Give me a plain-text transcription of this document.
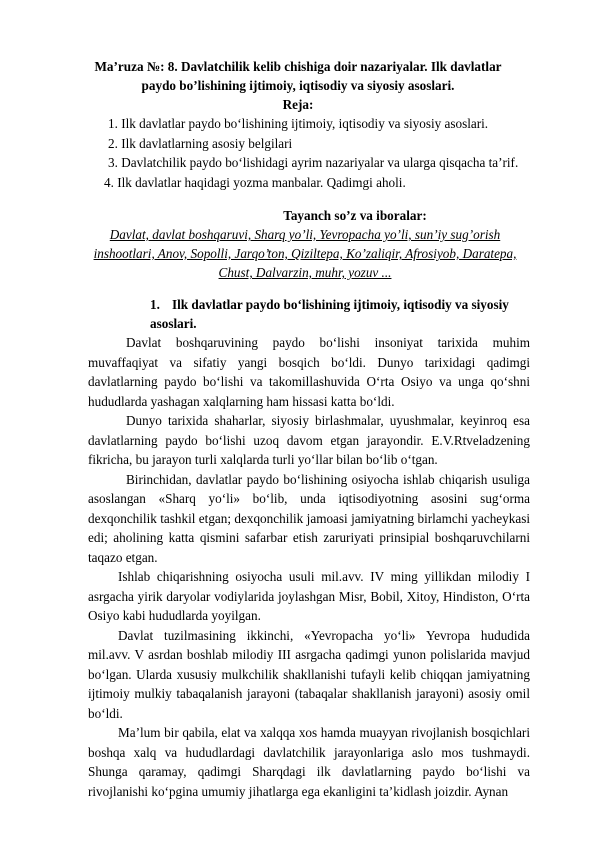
Ma’ruza №: 8. Davlatchilik kelib chishiga doir nazariyalar. Ilk davlatlar paydo bo’lishining ijtimoiy, iqtisodiy va siyosiy asoslari.
Reja:
1. Ilk davlatlar paydo bo‘lishining ijtimoiy, iqtisodiy va siyosiy asoslari.
2. Ilk davlatlarning asosiy belgilari
3. Davlatchilik paydo bo‘lishidagi ayrim nazariyalar va ularga qisqacha ta’rif.
4. Ilk davlatlar haqidagi yozma manbalar. Qadimgi aholi.
Tayanch so’z va iboralar:
Davlat, davlat boshqaruvi, Sharq yo’li, Yevropacha yo’li, sun’iy sug’orish inshootlari, Anov, Sopolli, Jarqo’ton, Qiziltepa, Ko’zaliqir, Afrosiyob, Daratepa, Chust, Dalvarzin, muhr, yozuv ...
1. Ilk davlatlar paydo bo‘lishining ijtimoiy, iqtisodiy va siyosiy asoslari.

Davlat boshqaruvining paydo bo‘lishi insoniyat tarixida muhim muvaffaqiyat va sifatiy yangi bosqich bo‘ldi. Dunyo tarixidagi qadimgi davlatlarning paydo bo‘lishi va takomillashuvida O‘rta Osiyo va unga qo‘shni hududlarda yashagan xalqlarning ham hissasi katta bo‘ldi.

Dunyo tarixida shaharlar, siyosiy birlashmalar, uyushmalar, keyinroq esa davlatlarning paydo bo‘lishi uzoq davom etgan jarayondir. E.V.Rtveladzening fikricha, bu jarayon turli xalqlarda turli yo‘llar bilan bo‘lib o‘tgan.

Birinchidan, davlatlar paydo bo‘lishining osiyocha ishlab chiqarish usuliga asoslangan «Sharq yo‘li» bo‘lib, unda iqtisodiyotning asosini sug‘orma dexqonchilik tashkil etgan; dexqonchilik jamoasi jamiyatning birlamchi yacheykasi edi; aholining katta qismini safarbar etish zaruriyati prinsipial boshqaruvchilarni taqazo etgan.

Ishlab chiqarishning osiyocha usuli mil.avv. IV ming yillikdan milodiy I asrgacha yirik daryolar vodiylarida joylashgan Misr, Bobil, Xitoy, Hindiston, O‘rta Osiyo kabi hududlarda yoyilgan.

Davlat tuzilmasining ikkinchi, «Yevropacha yo‘li» Yevropa hududida mil.avv. V asrdan boshlab milodiy III asrgacha qadimgi yunon polislarida mavjud bo‘lgan. Ularda xususiy mulkchilik shakllanishi tufayli kelib chiqqan jamiyatning ijtimoiy mulkiy tabaqalanish jarayoni (tabaqalar shakllanish jarayoni) asosiy omil bo‘ldi.

Ma’lum bir qabila, elat va xalqqa xos hamda muayyan rivojlanish bosqichlari boshqa xalq va hududlardagi davlatchilik jarayonlariga aslo mos tushmaydi. Shunga qaramay, qadimgi Sharqdagi ilk davlatlarning paydo bo‘lishi va rivojlanishi ko‘pgina umumiy jihatlarga ega ekanligini ta’kidlash joizdir. Aynan
